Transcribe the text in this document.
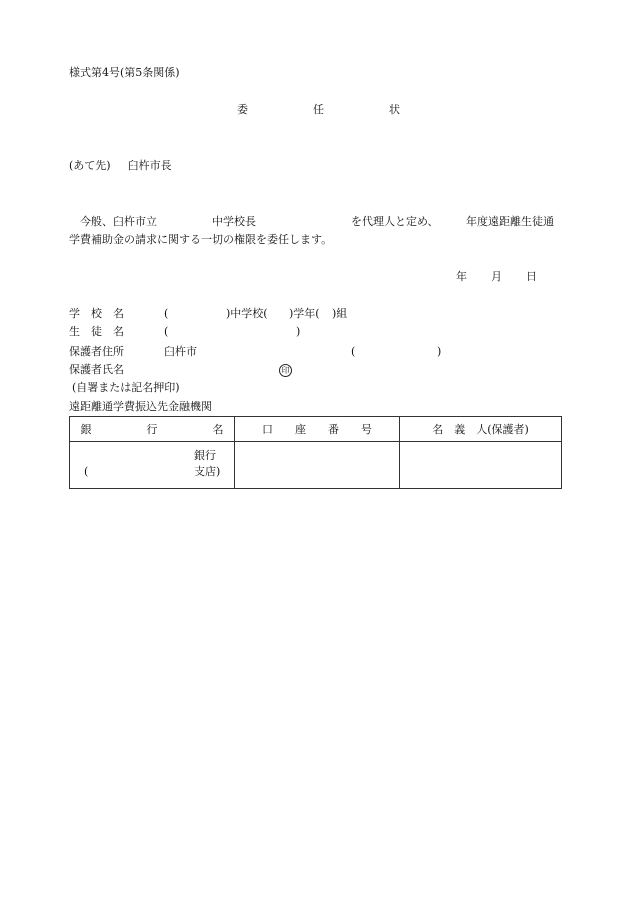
様式第4号(第5条関係)
委	任	状
(あて先) 臼杵市長
今般、臼杵市立	中学校長	を代理人と定め、 年度遠距離生徒通
学費補助金の請求に関する一切の権限を委任します。
年 月 日
学　校　名	(	)中学校( )学年( )組
生　徒　名	(	)
保護者住所	臼杵市	(	)
保護者氏名	印
(自署または記名押印)
遠距離通学費振込先金融機関
銀　　　　　行　　　　　名	口　　座　　番　　号	名　義　人(保護者)

銀行
( 支店)		
